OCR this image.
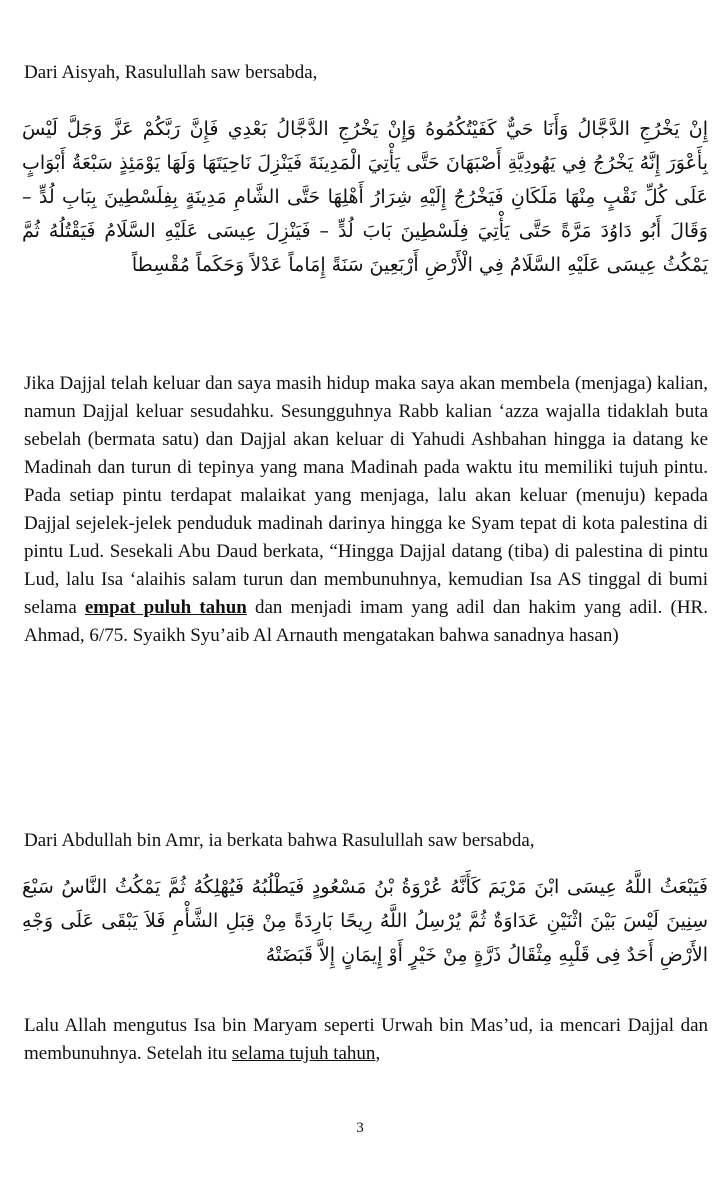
Dari Aisyah, Rasulullah saw bersabda,

إِنْ يَخْرُجِ الدَّجَّالُ وَأَنَا حَيٌّ كَفَيْتُكُمُوهُ وَإِنْ يَخْرُجِ الدَّجَّالُ بَعْدِي فَإِنَّ رَبَّكُمْ عَزَّ وَجَلَّ لَيْسَ بِأَعْوَرَ إِنَّهُ يَخْرُجُ فِي يَهُودِيَّةِ أَصْبَهَانَ حَتَّى يَأْتِيَ الْمَدِينَةَ فَيَنْزِلَ نَاحِيَتَهَا وَلَهَا يَوْمَئِذٍ سَبْعَةُ أَبْوَابٍ عَلَى كُلِّ نَقْبٍ مِنْهَا مَلَكَانِ فَيَخْرُجُ إِلَيْهِ شِرَارُ أَهْلِهَا حَتَّى الشَّامِ مَدِينَةٍ بِفِلَسْطِينَ بِبَابِ لُدٍّ – وَقَالَ أَبُو دَاوُدَ مَرَّةً حَتَّى يَأْتِيَ فِلَسْطِينَ بَابَ لُدٍّ – فَيَنْزِلَ عِيسَى عَلَيْهِ السَّلَامُ فَيَقْتُلُهُ ثُمَّ يَمْكُثُ عِيسَى عَلَيْهِ السَّلَامُ فِي الْأَرْضِ أَرْبَعِينَ سَنَةً إِمَاماً عَدْلاً وَحَكَماً مُقْسِطاً

Jika Dajjal telah keluar dan saya masih hidup maka saya akan membela (menjaga) kalian, namun Dajjal keluar sesudahku. Sesungguhnya Rabb kalian ‘azza wajalla tidaklah buta sebelah (bermata satu) dan Dajjal akan keluar di Yahudi Ashbahan hingga ia datang ke Madinah dan turun di tepinya yang mana Madinah pada waktu itu memiliki tujuh pintu. Pada setiap pintu terdapat malaikat yang menjaga, lalu akan keluar (menuju) kepada Dajjal sejelek-jelek penduduk madinah darinya hingga ke Syam tepat di kota palestina di pintu Lud. Sesekali Abu Daud berkata, “Hingga Dajjal datang (tiba) di palestina di pintu Lud, lalu Isa ‘alaihis salam turun dan membunuhnya, kemudian Isa AS tinggal di bumi selama empat puluh tahun dan menjadi imam yang adil dan hakim yang adil. (HR. Ahmad, 6/75. Syaikh Syu’aib Al Arnauth mengatakan bahwa sanadnya hasan)

Dari Abdullah bin Amr, ia berkata bahwa Rasulullah saw bersabda,

فَيَبْعَثُ اللَّهُ عِيسَى ابْنَ مَرْيَمَ كَأَنَّهُ عُرْوَةُ بْنُ مَسْعُودٍ فَيَطْلُبُهُ فَيُهْلِكُهُ ثُمَّ يَمْكُثُ النَّاسُ سَبْعَ سِنِينَ لَيْسَ بَيْنَ اثْنَيْنِ عَدَاوَةٌ ثُمَّ يُرْسِلُ اللَّهُ رِيحًا بَارِدَةً مِنْ قِبَلِ الشَّأْمِ فَلاَ يَبْقَى عَلَى وَجْهِ الأَرْضِ أَحَدٌ فِى قَلْبِهِ مِثْقَالُ ذَرَّةٍ مِنْ خَيْرٍ أَوْ إِيمَانٍ إِلاَّ قَبَضَتْهُ

Lalu Allah mengutus Isa bin Maryam seperti Urwah bin Mas’ud, ia mencari Dajjal dan membunuhnya. Setelah itu selama tujuh tahun,

3
